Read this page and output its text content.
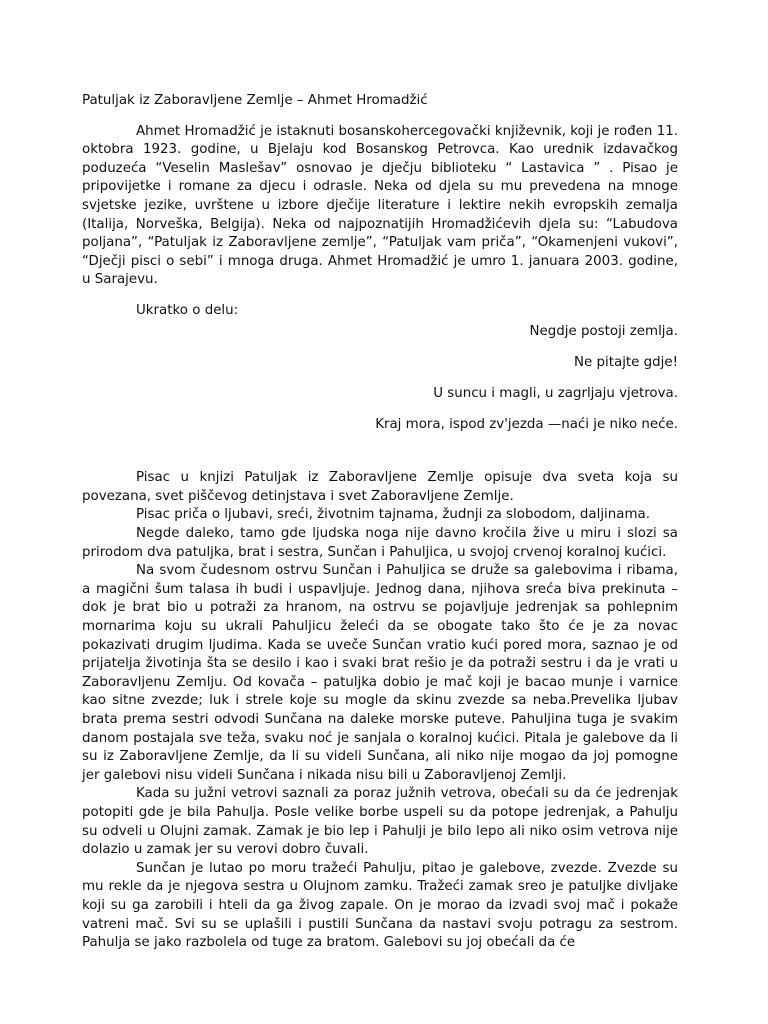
Patuljak iz Zaboravljene Zemlje – Ahmet Hromadžić

Ahmet Hromadžić je istaknuti bosanskohercegovački književnik, koji je rođen 11. oktobra 1923. godine, u Bjelaju kod Bosanskog Petrovca. Kao urednik izdavačkog poduzeća “Veselin Maslešav” osnovao je dječju biblioteku “ Lastavica ” . Pisao je pripovijetke i romane za djecu i odrasle. Neka od djela su mu prevedena na mnoge svjetske jezike, uvrštene u izbore dječije literature i lektire nekih evropskih zemalja (Italija, Norveška, Belgija). Neka od najpoznatijih Hromadžićevih djela su: “Labudova poljana”, “Patuljak iz Zaboravljene zemlje”, “Patuljak vam priča”, “Okamenjeni vukovi”, “Dječji pisci o sebi” i mnoga druga. Ahmet Hromadžić je umro 1. januara 2003. godine, u Sarajevu.

Ukratko o delu:

Negdje postoji zemlja.

Ne pitajte gdje!

U suncu i magli, u zagrljaju vjetrova.

Kraj mora, ispod zv'jezda —naći je niko neće.

Pisac u knjizi Patuljak iz Zaboravljene Zemlje opisuje dva sveta koja su povezana, svet piščevog detinjstava i svet Zaboravljene Zemlje.

Pisac priča o ljubavi, sreći, životnim tajnama, žudnji za slobodom, daljinama.

Negde daleko, tamo gde ljudska noga nije davno kročila žive u miru i slozi sa prirodom dva patuljka, brat i sestra, Sunčan i Pahuljica, u svojoj crvenoj koralnoj kućici.

Na svom čudesnom ostrvu Sunčan i Pahuljica se druže sa galebovima i ribama, a magični šum talasa ih budi i uspavljuje. Jednog dana, njihova sreća biva prekinuta – dok je brat bio u potraži za hranom, na ostrvu se pojavljuje jedrenjak sa pohlepnim mornarima koju su ukrali Pahuljicu želeći da se obogate tako što će je za novac pokazivati drugim ljudima. Kada se uveče Sunčan vratio kući pored mora, saznao je od prijatelja životinja šta se desilo i kao i svaki brat rešio je da potraži sestru i da je vrati u Zaboravljenu Zemlju. Od kovača – patuljka dobio je mač koji je bacao munje i varnice kao sitne zvezde; luk i strele koje su mogle da skinu zvezde sa neba.Prevelika ljubav brata prema sestri odvodi Sunčana na daleke morske puteve. Pahuljina tuga je svakim danom postajala sve teža, svaku noć je sanjala o koralnoj kućici. Pitala je galebove da li su iz Zaboravljene Zemlje, da li su videli Sunčana, ali niko nije mogao da joj pomogne jer galebovi nisu videli Sunčana i nikada nisu bili u Zaboravljenoj Zemlji.

Kada su južni vetrovi saznali za poraz južnih vetrova, obećali su da će jedrenjak potopiti gde je bila Pahulja. Posle velike borbe uspeli su da potope jedrenjak, a Pahulju su odveli u Olujni zamak. Zamak je bio lep i Pahulji je bilo lepo ali niko osim vetrova nije dolazio u zamak jer su verovi dobro čuvali.

Sunčan je lutao po moru tražeći Pahulju, pitao je galebove, zvezde. Zvezde su mu rekle da je njegova sestra u Olujnom zamku. Tražeći zamak sreo je patuljke divljake koji su ga zarobili i hteli da ga živog zapale. On je morao da izvadi svoj mač i pokaže vatreni mač. Svi su se uplašili i pustili Sunčana da nastavi svoju potragu za sestrom. Pahulja se jako razbolela od tuge za bratom. Galebovi su joj obećali da će
